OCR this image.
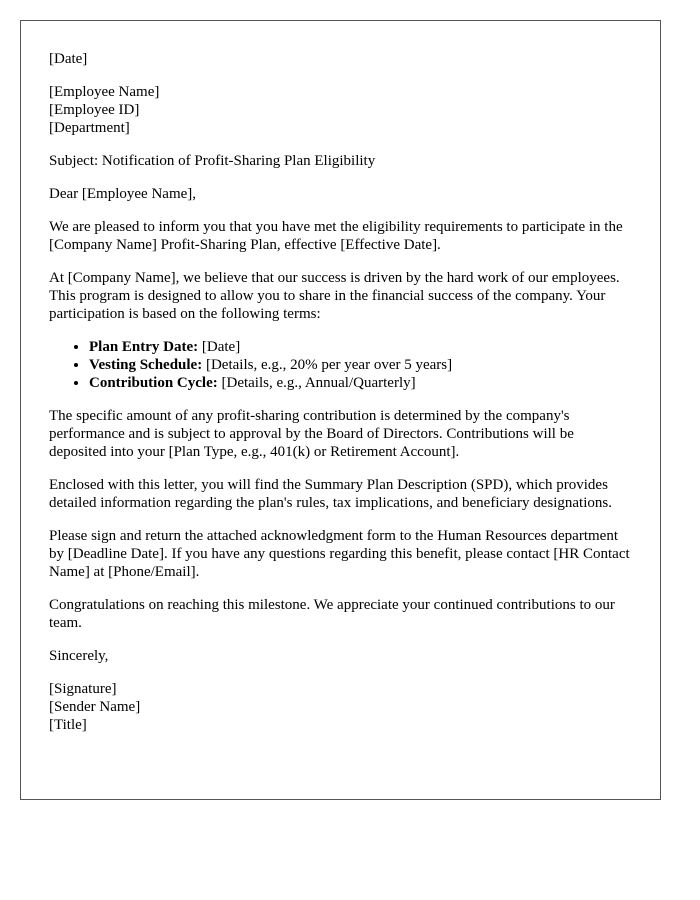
[Date]

[Employee Name]
[Employee ID]
[Department]

Subject: Notification of Profit-Sharing Plan Eligibility

Dear [Employee Name],

We are pleased to inform you that you have met the eligibility requirements to participate in the [Company Name] Profit-Sharing Plan, effective [Effective Date].

At [Company Name], we believe that our success is driven by the hard work of our employees. This program is designed to allow you to share in the financial success of the company. Your participation is based on the following terms:

• Plan Entry Date: [Date]
• Vesting Schedule: [Details, e.g., 20% per year over 5 years]
• Contribution Cycle: [Details, e.g., Annual/Quarterly]

The specific amount of any profit-sharing contribution is determined by the company's performance and is subject to approval by the Board of Directors. Contributions will be deposited into your [Plan Type, e.g., 401(k) or Retirement Account].

Enclosed with this letter, you will find the Summary Plan Description (SPD), which provides detailed information regarding the plan's rules, tax implications, and beneficiary designations.

Please sign and return the attached acknowledgment form to the Human Resources department by [Deadline Date]. If you have any questions regarding this benefit, please contact [HR Contact Name] at [Phone/Email].

Congratulations on reaching this milestone. We appreciate your continued contributions to our team.

Sincerely,

[Signature]
[Sender Name]
[Title]
